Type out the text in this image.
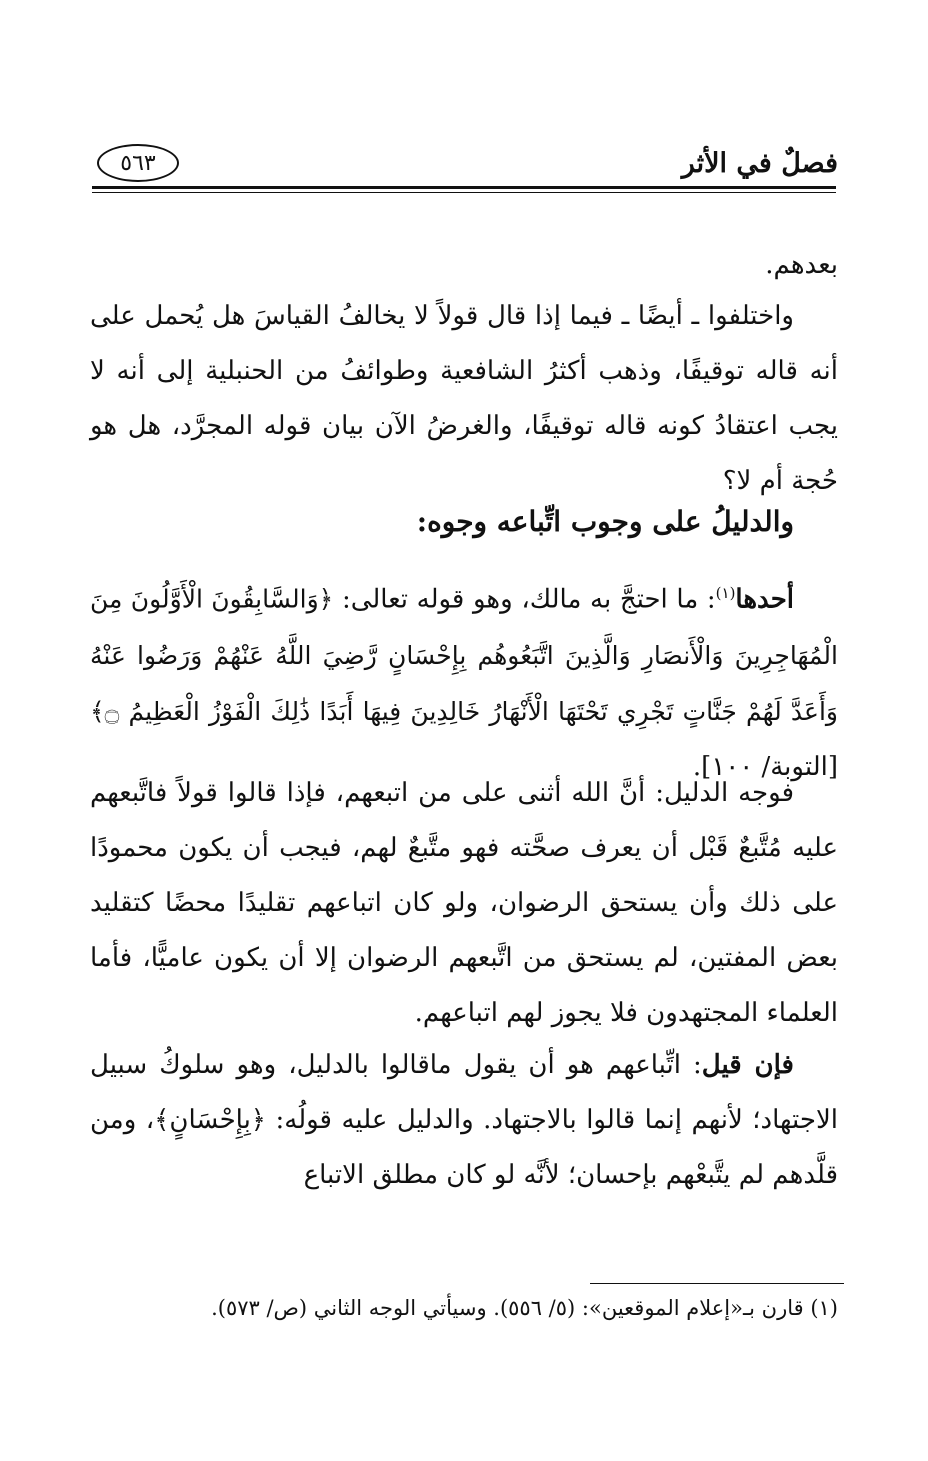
فصلٌ في الأثر
٥٦٣
بعدهم.
واختلفوا ـ أيضًا ـ فيما إذا قال قولاً لا يخالفُ القياسَ هل يُحمل على أنه قاله توقيفًا، وذهب أكثرُ الشافعية وطوائفُ من الحنبلية إلى أنه لا يجب اعتقادُ كونه قاله توقيفًا، والغرضُ الآن بيان قوله المجرَّد، هل هو حُجة أم لا؟
والدليلُ على وجوب اتِّباعه وجوه:
أحدها$^{(١)}$: ما احتجَّ به مالك، وهو قوله تعالى: ﴿وَالسَّابِقُونَ الْأَوَّلُونَ مِنَ الْمُهَاجِرِينَ وَالْأَنصَارِ وَالَّذِينَ اتَّبَعُوهُم بِإِحْسَانٍ رَّضِيَ اللَّهُ عَنْهُمْ وَرَضُوا عَنْهُ وَأَعَدَّ لَهُمْ جَنَّاتٍ تَجْرِي تَحْتَهَا الْأَنْهَارُ خَالِدِينَ فِيهَا أَبَدًا ذَٰلِكَ الْفَوْزُ الْعَظِيمُ ۝﴾ [التوبة/ ١٠٠].
فوجه الدليل: أنَّ الله أثنى على من اتبعهم، فإذا قالوا قولاً فاتَّبعهم عليه مُتَّبعٌ قَبْل أن يعرف صحَّته فهو متَّبعٌ لهم، فيجب أن يكون محمودًا على ذلك وأن يستحق الرضوان، ولو كان اتباعهم تقليدًا محضًا كتقليد بعض المفتين، لم يستحق من اتَّبعهم الرضوان إلا أن يكون عاميًّا، فأما العلماء المجتهدون فلا يجوز لهم اتباعهم.
فإن قيل: اتِّباعهم هو أن يقول ماقالوا بالدليل، وهو سلوكُ سبيل الاجتهاد؛ لأنهم إنما قالوا بالاجتهاد. والدليل عليه قولُه: ﴿بِإِحْسَانٍ﴾، ومن قلَّدهم لم يتَّبعْهم بإحسان؛ لأنَّه لو كان مطلق الاتباع
(١) قارن بـ«إعلام الموقعين»: (٥/ ٥٥٦). وسيأتي الوجه الثاني (ص/ ٥٧٣).
